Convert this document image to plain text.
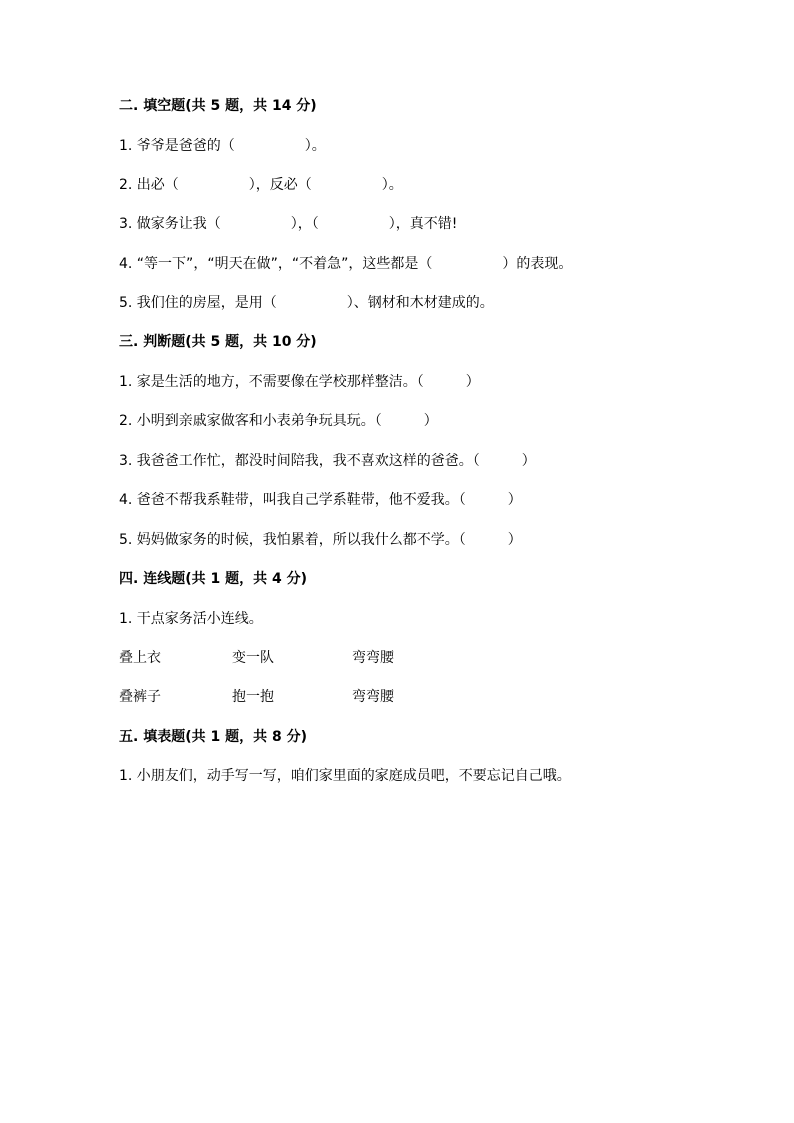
二. 填空题(共 5 题，共 14 分)
1. 爷爷是爸爸的（　　　　　）。
2. 出必（　　　　　），反必（　　　　　）。
3. 做家务让我（　　　　　），（　　　　　），真不错!
4. “等一下”，“明天在做”，“不着急”，这些都是（　　　　　）的表现。
5. 我们住的房屋，是用（　　　　　）、钢材和木材建成的。
三. 判断题(共 5 题，共 10 分)
1. 家是生活的地方，不需要像在学校那样整洁。（　　　）
2. 小明到亲戚家做客和小表弟争玩具玩。（　　　）
3. 我爸爸工作忙，都没时间陪我，我不喜欢这样的爸爸。（　　　）
4. 爸爸不帮我系鞋带，叫我自己学系鞋带，他不爱我。（　　　）
5. 妈妈做家务的时候，我怕累着，所以我什么都不学。（　　　）
四. 连线题(共 1 题，共 4 分)
1. 干点家务活小连线。
叠上衣	变一队	弯弯腰
叠裤子	抱一抱	弯弯腰
五. 填表题(共 1 题，共 8 分)
1. 小朋友们，动手写一写，咱们家里面的家庭成员吧，不要忘记自己哦。
